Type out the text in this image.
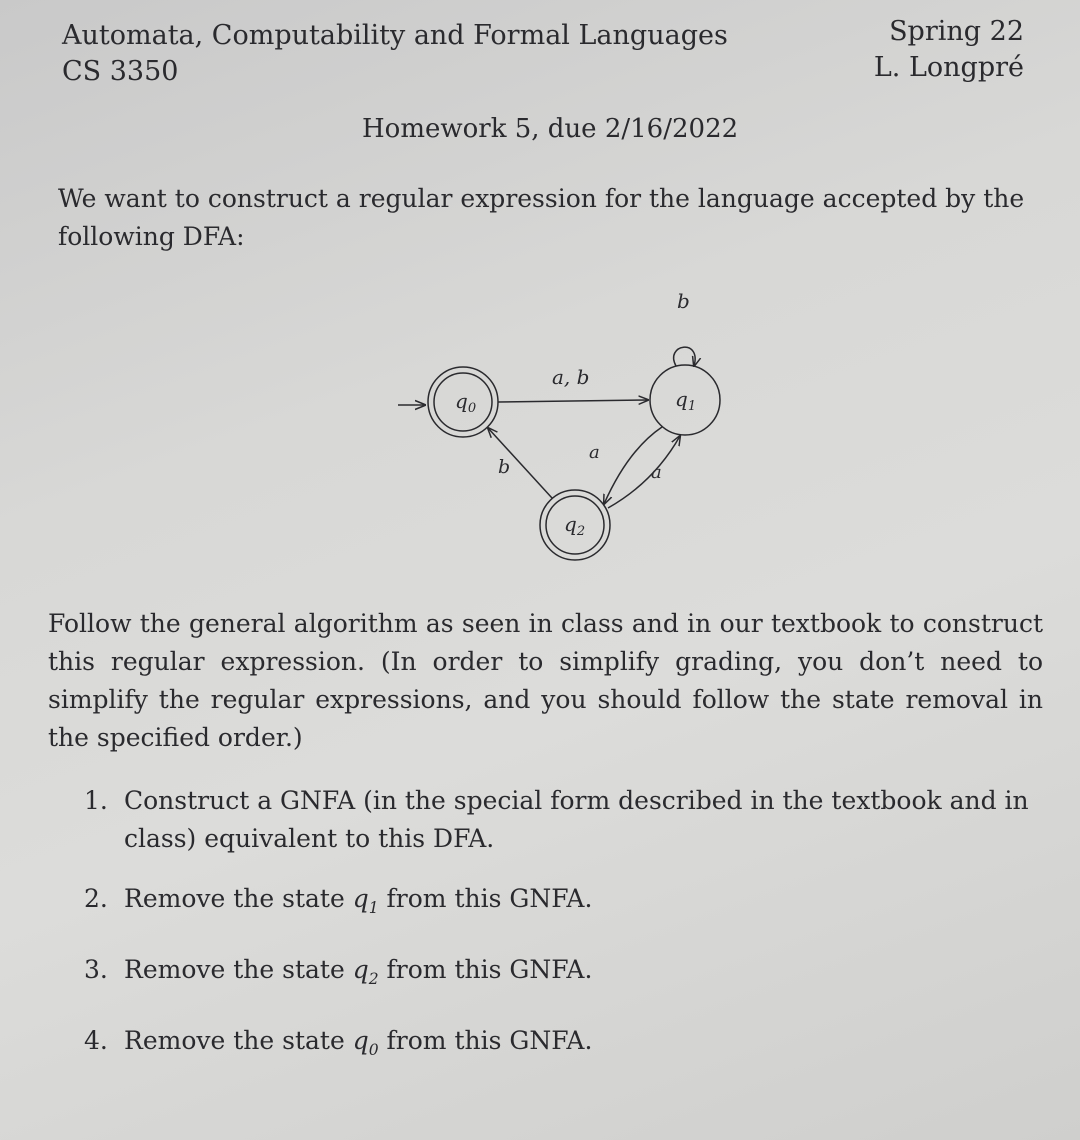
Automata, Computability and Formal Languages
CS 3350
Spring 22
L. Longpré
Homework 5, due 2/16/2022

We want to construct a regular expression for the language accepted by the following DFA:

$q_0$	$q_1$
$q_2$
a, b
b
a
a
b

Follow the general algorithm as seen in class and in our textbook to construct this regular expression. (In order to simplify grading, you don’t need to simplify the regular expressions, and you should follow the state removal in the specified order.)

1. Construct a GNFA (in the special form described in the textbook and in class) equivalent to this DFA.
2. Remove the state $q_1$ from this GNFA.
3. Remove the state $q_2$ from this GNFA.
4. Remove the state $q_0$ from this GNFA.
